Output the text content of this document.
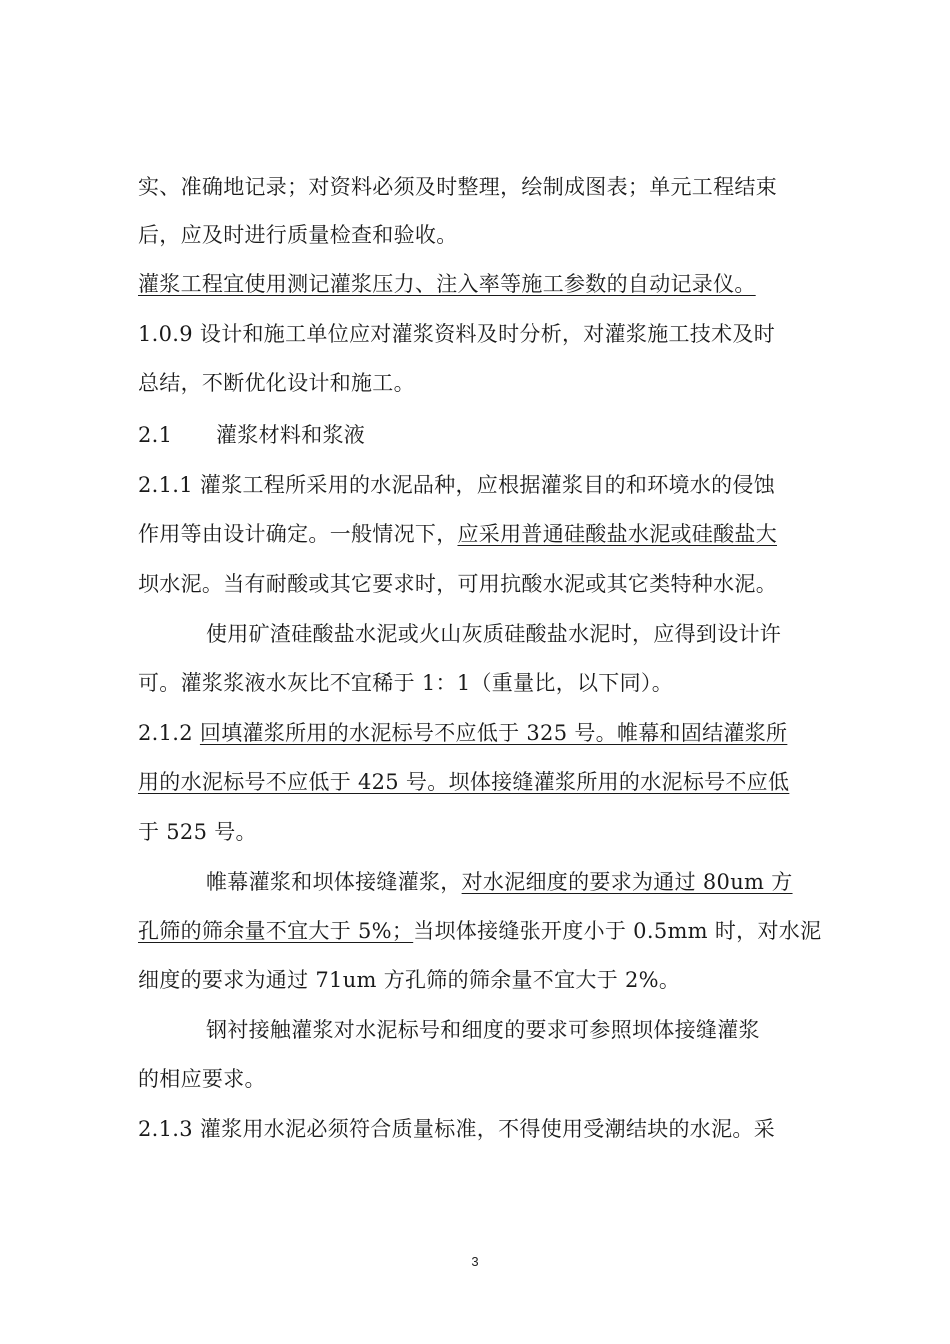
实、准确地记录；对资料必须及时整理，绘制成图表；单元工程结束
后，应及时进行质量检查和验收。
灌浆工程宜使用测记灌浆压力、注入率等施工参数的自动记录仪。
1.0.9 设计和施工单位应对灌浆资料及时分析，对灌浆施工技术及时
总结，不断优化设计和施工。
2.1 灌浆材料和浆液
2.1.1 灌浆工程所采用的水泥品种，应根据灌浆目的和环境水的侵蚀
作用等由设计确定。一般情况下，应采用普通硅酸盐水泥或硅酸盐大
坝水泥。当有耐酸或其它要求时，可用抗酸水泥或其它类特种水泥。
使用矿渣硅酸盐水泥或火山灰质硅酸盐水泥时，应得到设计许
可。灌浆浆液水灰比不宜稀于 1：1（重量比，以下同）。
2.1.2 回填灌浆所用的水泥标号不应低于 325 号。帷幕和固结灌浆所
用的水泥标号不应低于 425 号。坝体接缝灌浆所用的水泥标号不应低
于 525 号。
帷幕灌浆和坝体接缝灌浆，对水泥细度的要求为通过 80um 方
孔筛的筛余量不宜大于 5%；当坝体接缝张开度小于 0.5mm 时，对水泥
细度的要求为通过 71um 方孔筛的筛余量不宜大于 2%。
钢衬接触灌浆对水泥标号和细度的要求可参照坝体接缝灌浆
的相应要求。
2.1.3 灌浆用水泥必须符合质量标准，不得使用受潮结块的水泥。采
3
